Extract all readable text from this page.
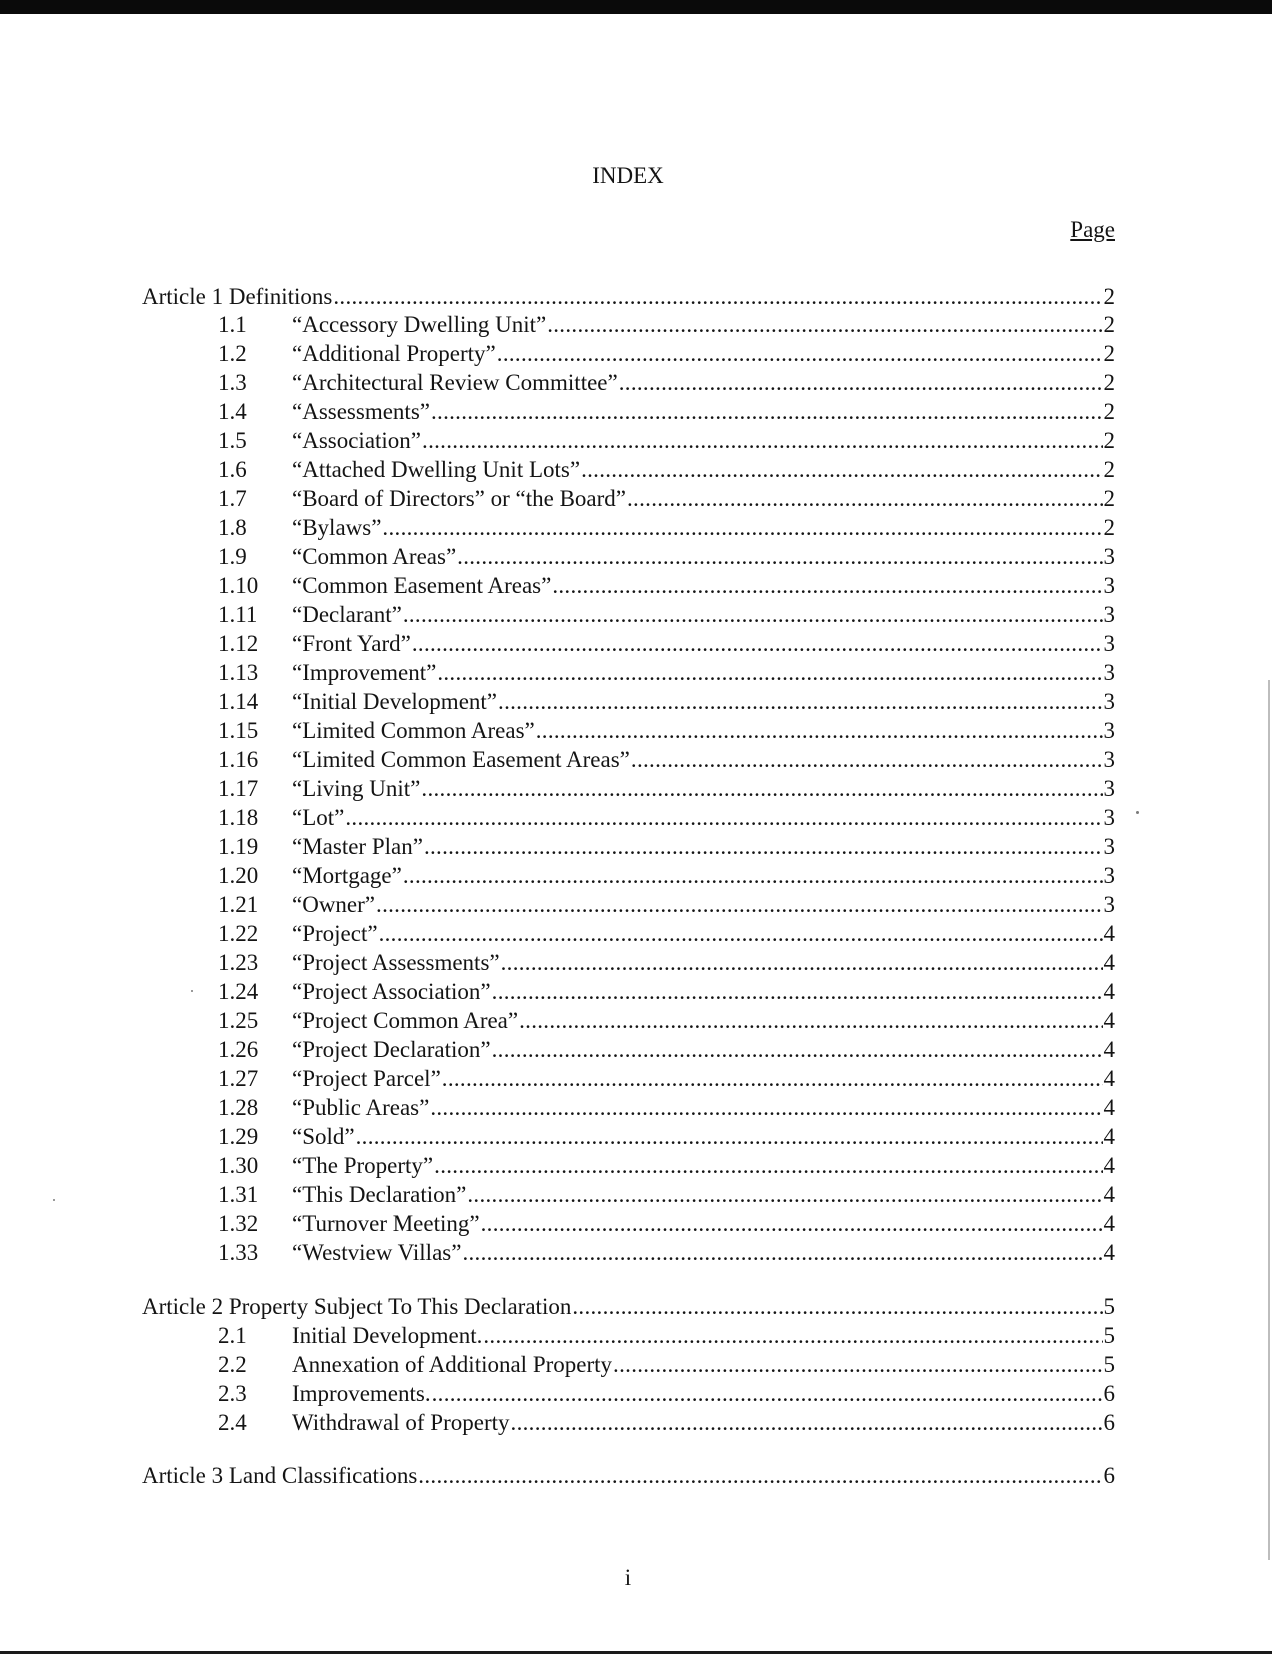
INDEX
Page
Article 1 Definitions .....	2
1.1	“Accessory Dwelling Unit” .....	2
1.2	“Additional Property” .....	2
1.3	“Architectural Review Committee” .....	2
1.4	“Assessments” .....	2
1.5	“Association” .....	2
1.6	“Attached Dwelling Unit Lots” .....	2
1.7	“Board of Directors” or “the Board” .....	2
1.8	“Bylaws” .....	2
1.9	“Common Areas” .....	3
1.10	“Common Easement Areas” .....	3
1.11	“Declarant” .....	3
1.12	“Front Yard” .....	3
1.13	“Improvement” .....	3
1.14	“Initial Development” .....	3
1.15	“Limited Common Areas” .....	3
1.16	“Limited Common Easement Areas” .....	3
1.17	“Living Unit” .....	3
1.18	“Lot” .....	3
1.19	“Master Plan” .....	3
1.20	“Mortgage” .....	3
1.21	“Owner” .....	3
1.22	“Project” .....	4
1.23	“Project Assessments” .....	4
1.24	“Project Association” .....	4
1.25	“Project Common Area” .....	4
1.26	“Project Declaration” .....	4
1.27	“Project Parcel” .....	4
1.28	“Public Areas” .....	4
1.29	“Sold” .....	4
1.30	“The Property” .....	4
1.31	“This Declaration” .....	4
1.32	“Turnover Meeting” .....	4
1.33	“Westview Villas” .....	4
Article 2 Property Subject To This Declaration .....	5
2.1	Initial Development. .....	5
2.2	Annexation of Additional Property .....	5
2.3	Improvements. .....	6
2.4	Withdrawal of Property .....	6
Article 3 Land Classifications .....	6
i
